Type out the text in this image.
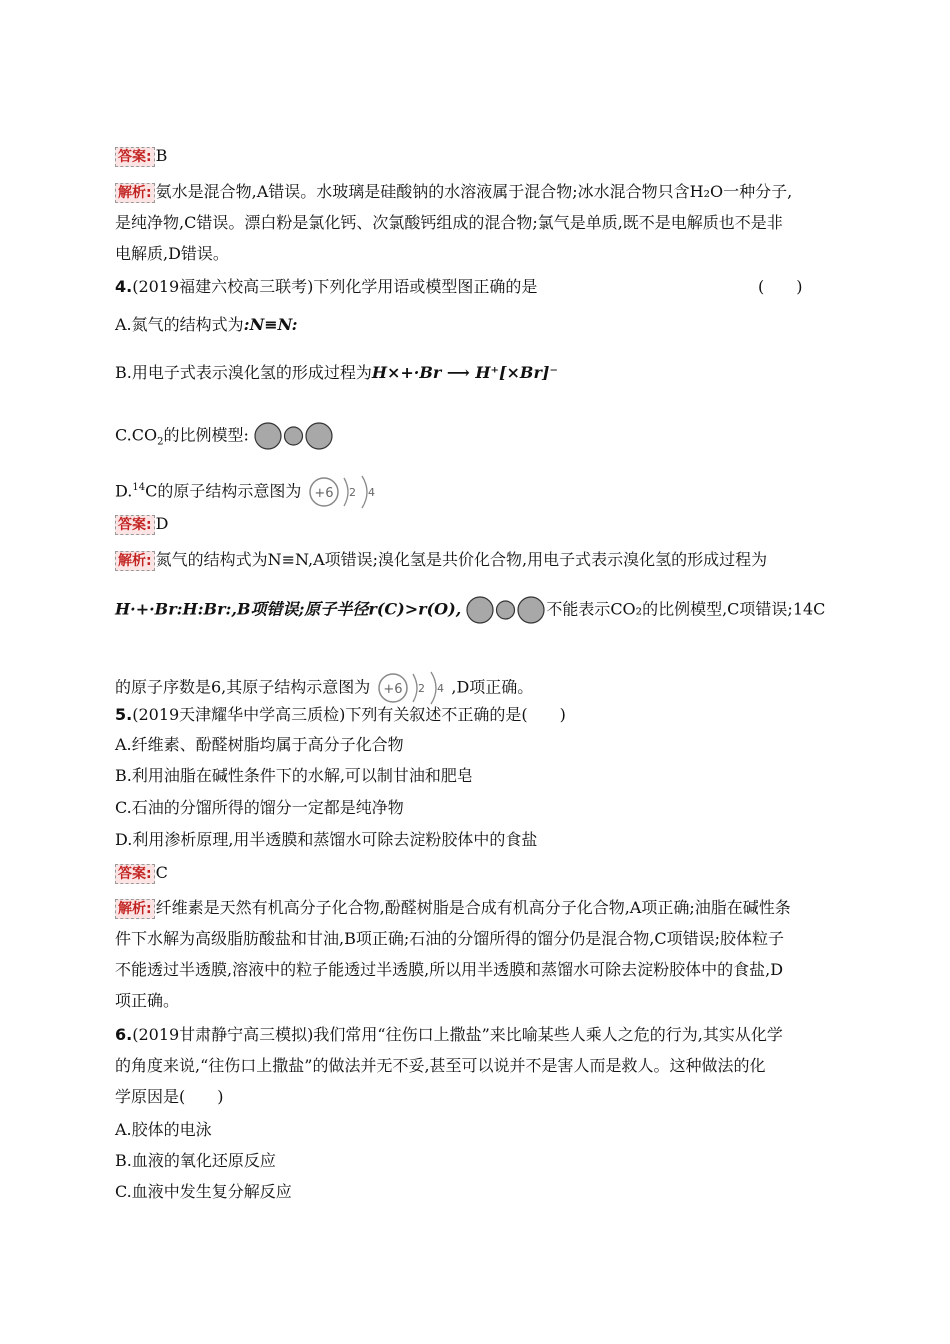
答案: B
解析: 氨水是混合物,A错误。水玻璃是硅酸钠的水溶液属于混合物;冰水混合物只含H₂O一种分子,
是纯净物,C错误。漂白粉是氯化钙、次氯酸钙组成的混合物;氯气是单质,既不是电解质也不是非
电解质,D错误。
4.(2019福建六校高三联考)下列化学用语或模型图正确的是	(　　)
A.氮气的结构式为:N≡N:
B.用电子式表示溴化氢的形成过程为H×+·Br ⟶ H⁺[×Br]⁻
$C.CO_2$的比例模型:
D.$^{14}$C的原子结构示意图为 +6 2 4
答案: D
解析: 氮气的结构式为N≡N,A项错误;溴化氢是共价化合物,用电子式表示溴化氢的形成过程为
H·+·Br:H:Br:,B项错误;原子半径r(C)>r(O),	不能表示CO₂的比例模型,C项错误;14C
的原子序数是6,其原子结构示意图为 +6 2 4 ,D项正确。
5.(2019天津耀华中学高三质检)下列有关叙述不正确的是(　　)
A.纤维素、酚醛树脂均属于高分子化合物
B.利用油脂在碱性条件下的水解,可以制甘油和肥皂
C.石油的分馏所得的馏分一定都是纯净物
D.利用渗析原理,用半透膜和蒸馏水可除去淀粉胶体中的食盐
答案: C
解析: 纤维素是天然有机高分子化合物,酚醛树脂是合成有机高分子化合物,A项正确;油脂在碱性条
件下水解为高级脂肪酸盐和甘油,B项正确;石油的分馏所得的馏分仍是混合物,C项错误;胶体粒子
不能透过半透膜,溶液中的粒子能透过半透膜,所以用半透膜和蒸馏水可除去淀粉胶体中的食盐,D
项正确。
6.(2019甘肃静宁高三模拟)我们常用“往伤口上撒盐”来比喻某些人乘人之危的行为,其实从化学
的角度来说,“往伤口上撒盐”的做法并无不妥,甚至可以说并不是害人而是救人。这种做法的化
学原因是(　　)
A.胶体的电泳
B.血液的氧化还原反应
C.血液中发生复分解反应
